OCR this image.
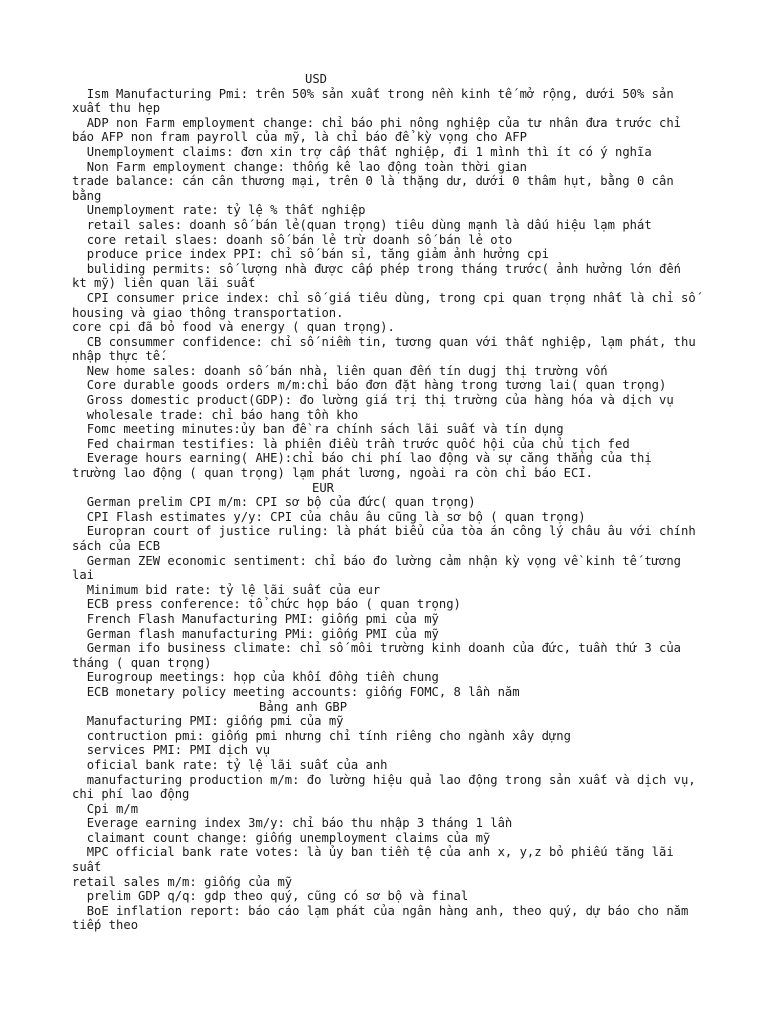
USD
Ism Manufacturing Pmi: trên 50% sản xuất trong nền kinh tế mở rộng, dưới 50% sản xuất thu hẹp
ADP non Farm employment change: chỉ báo phi nông nghiệp của tư nhân đưa trước chỉ báo AFP non fram payroll của mỹ, là chỉ báo để kỳ vọng cho AFP
Unemployment claims: đơn xin trợ cấp thất nghiệp, đi 1 mình thì ít có ý nghĩa
Non Farm employment change: thống kê lao động toàn thời gian
trade balance: cán cân thương mại, trên 0 là thặng dư, dưới 0 thâm hụt, bằng 0 cân bằng
Unemployment rate: tỷ lệ % thất nghiệp
retail sales: doanh số bán lẻ(quan trọng) tiêu dùng mạnh là dấu hiệu lạm phát
core retail slaes: doanh số bán lẻ trừ doanh số bán lẻ oto
produce price index PPI: chỉ số bán sỉ, tăng giảm ảnh hưởng cpi
buliding permits: số lượng nhà được cấp phép trong tháng trước( ảnh hưởng lớn đến kt mỹ) liên quan lãi suất
CPI consumer price index: chỉ số giá tiêu dùng, trong cpi quan trọng nhất là chỉ số housing và giao thông transportation.
core cpi đã bỏ food và energy ( quan trọng).
CB consummer confidence: chỉ số niềm tin, tương quan với thất nghiệp, lạm phát, thu nhập thực tế.
New home sales: doanh số bán nhà, liên quan đến tín dugj thị trường vốn
Core durable goods orders m/m:chỉ báo đơn đặt hàng trong tương lai( quan trọng)
Gross domestic product(GDP): đo lường giá trị thị trường của hàng hóa và dịch vụ
wholesale trade: chỉ báo hang tồn kho
Fomc meeting minutes:ủy ban đề ra chính sách lãi suất và tín dụng
Fed chairman testifies: là phiên điều trần trước quốc hội của chủ tịch fed
Everage hours earning( AHE):chỉ báo chi phí lao động và sự căng thẳng của thị trường lao động ( quan trọng) lạm phát lương, ngoài ra còn chỉ báo ECI.
EUR
German prelim CPI m/m: CPI sơ bộ của đức( quan trọng)
CPI Flash estimates y/y: CPI của châu âu cũng là sơ bộ ( quan trọng)
Europran court of justice ruling: là phát biểu của tòa án công lý châu âu với chính sách của ECB
German ZEW economic sentiment: chỉ báo đo lường cảm nhận kỳ vọng về kinh tế tương lai
Minimum bid rate: tỷ lệ lãi suất của eur
ECB press conference: tổ chức họp báo ( quan trọng)
French Flash Manufacturing PMI: giống pmi của mỹ
German flash manufacturing PMi: giống PMI của mỹ
German ifo business climate: chỉ số môi trường kinh doanh của đức, tuần thứ 3 của tháng ( quan trọng)
Eurogroup meetings: họp của khối đồng tiền chung
ECB monetary policy meeting accounts: giống FOMC, 8 lần năm
Bảng anh GBP
Manufacturing PMI: giống pmi của mỹ
contruction pmi: giống pmi nhưng chỉ tính riêng cho ngành xây dựng
services PMI: PMI dịch vụ
oficial bank rate: tỷ lệ lãi suất của anh
manufacturing production m/m: đo lường hiệu quả lao động trong sản xuất và dịch vụ, chi phí lao động
Cpi m/m
Everage earning index 3m/y: chỉ báo thu nhập 3 tháng 1 lần
claimant count change: giống unemployment claims của mỹ
MPC official bank rate votes: là ủy ban tiền tệ của anh x, y,z bỏ phiếu tăng lãi suất
retail sales m/m: giống của mỹ
prelim GDP q/q: gdp theo quý, cũng có sơ bộ và final
BoE inflation report: báo cáo lạm phát của ngân hàng anh, theo quý, dự báo cho năm tiếp theo
